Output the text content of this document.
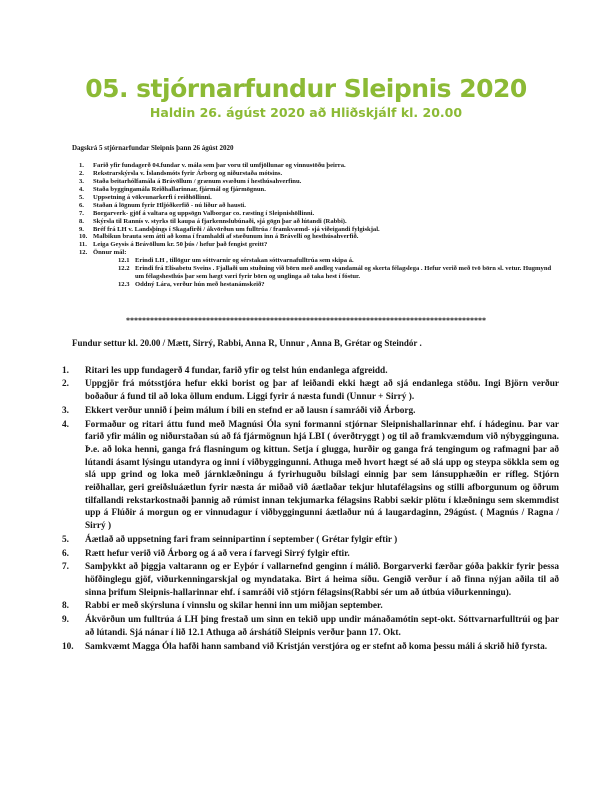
05. stjórnarfundur Sleipnis 2020
Haldin 26. ágúst 2020 að Hliðskjálf kl. 20.00
Dagskrá 5 stjórnarfundar Sleipnis þann 26 ágúst 2020
1.	Farið yfir fundagerð 04.fundar v. mála sem þar voru til umfjöllunar og vinnustöðu þeirra.
2.	Rekstrarskýrsla v. Íslandsmóts fyrir Árborg og niðurstaða mótsins.
3.	Staða beitarhólfamála á Brávöllum / grænum svæðum í hesthúsahverfinu.
4.	Staða byggingamála Reiðhallarinnar, fjármál og fjármögnun.
5.	Uppsetning á vökvunarkerfi í reiðhöllinni.
6.	Staðan á lögnum fyrir Hljóðkerfið - nú líður að hausti.
7.	Borgarverk- gjöf á valtara og uppsögn Valborgar co. ræsting í Sleipnishöllinni.
8.	Skýrsla til Rannís v. styrks til kaupa á fjarkennslubúnaði, sjá gögn þar að lútandi (Rabbi).
9.	Bréf frá LH v. Landsþings í Skagafirði / ákvörðun um fulltrúa / framkvæmd- sjá viðeigandi fylgiskjal.
10. Malbikun brauta sem átti að koma í framhaldi af stæðunum inn á Brávelli og hesthúsahverfið.
11. Leiga Geysis á Brávöllum kr. 50 þús / hefur það fengist greitt?
12. Önnur mál:
12.1 Erindi LH , tillögur um sóttvarnir og sérstakan sóttvarnafulltrúa sem skipa á.
12.2 Erindi frá Elísabetu Sveins . Fjallaði um stuðning við börn með andleg vandamál og skerta félagslega . Hefur verið með tvö börn sl. vetur. Hugmynd um félagshesthús þar sem hægt væri fyrir börn og unglinga að taka hest í fóstur.
12.3 Oddný Lára, verður hún með hestanámskeið?
******************************************************************************************
Fundur settur kl. 20.00 / Mætt, Sirrý, Rabbi, Anna R, Unnur , Anna B, Grétar og Steindór .
1.	Ritari les upp fundagerð 4 fundar, farið yfir og telst hún endanlega afgreidd.
2.	Uppgjör frá mótsstjóra hefur ekki borist og þar af leiðandi ekki hægt að sjá endanlega stöðu. Ingi Björn verður boðaður á fund til að loka öllum endum. Liggi fyrir á næsta fundi (Unnur + Sirrý ).
3.	Ekkert verður unnið í þeim málum í bili en stefnd er að lausn í samráði við Árborg.
4.	Formaður og ritari áttu fund með Magnúsi Óla syni formanni stjórnar Sleipnishallarinnar ehf. í hádeginu. Þar var farið yfir málin og niðurstaðan sú að fá fjármögnun hjá LBI ( óverðtryggt ) og til að framkvæmdum við nýbygginguna. Þ.e. að loka henni, ganga frá flasningum og kittun. Setja í glugga, hurðir og ganga frá tengingum og rafmagni þar að lútandi ásamt lýsingu utandyra og inni í viðbyggingunni. Athuga með hvort hægt sé að slá upp og steypa sökkla sem og slá upp grind og loka með járnklæðningu á fyrirhuguðu bílslagi einnig þar sem lánsupphæðin er rífleg. Stjórn reiðhallar, geri greiðsluáætlun fyrir næsta ár miðað við áætlaðar tekjur hlutafélagsins og stilli afborgunum og öðrum tilfallandi rekstarkostnaði þannig að rúmist innan tekjumarka félagsins Rabbi sækir plötu í klæðningu sem skemmdist upp á Flúðir á morgun og er vinnudagur í viðbyggingunni áætlaður nú á laugardaginn, 29ágúst. ( Magnús / Ragna / Sirrý )
5.	Áætlað að uppsetning fari fram seinnipartinn í september ( Grétar fylgir eftir )
6.	Rætt hefur verið við Árborg og á að vera í farvegi Sirrý fylgir eftir.
7.	Samþykkt að þiggja valtarann og er Eyþór í vallarnefnd genginn í málið. Borgarverki færðar góða þakkir fyrir þessa höfðinglegu gjöf, viðurkenningarskjal og myndataka. Birt á heima síðu. Gengið verður í að finna nýjan aðila til að sinna þrifum Sleipnis-hallarinnar ehf. í samráði við stjórn félagsins(Rabbi sér um að útbúa viðurkenningu).
8.	Rabbi er með skýrsluna í vinnslu og skilar henni inn um miðjan september.
9.	Ákvörðun um fulltrúa á LH þing frestað um sinn en tekið upp undir mánaðamótin sept-okt. Sóttvarnarfulltrúi og þar að lútandi. Sjá nánar í lið 12.1 Athuga að árshátíð Sleipnis verður þann 17. Okt.
10.	Samkvæmt Magga Óla hafði hann samband við Kristján verstjóra og er stefnt að koma þessu máli á skrið hið fyrsta.
